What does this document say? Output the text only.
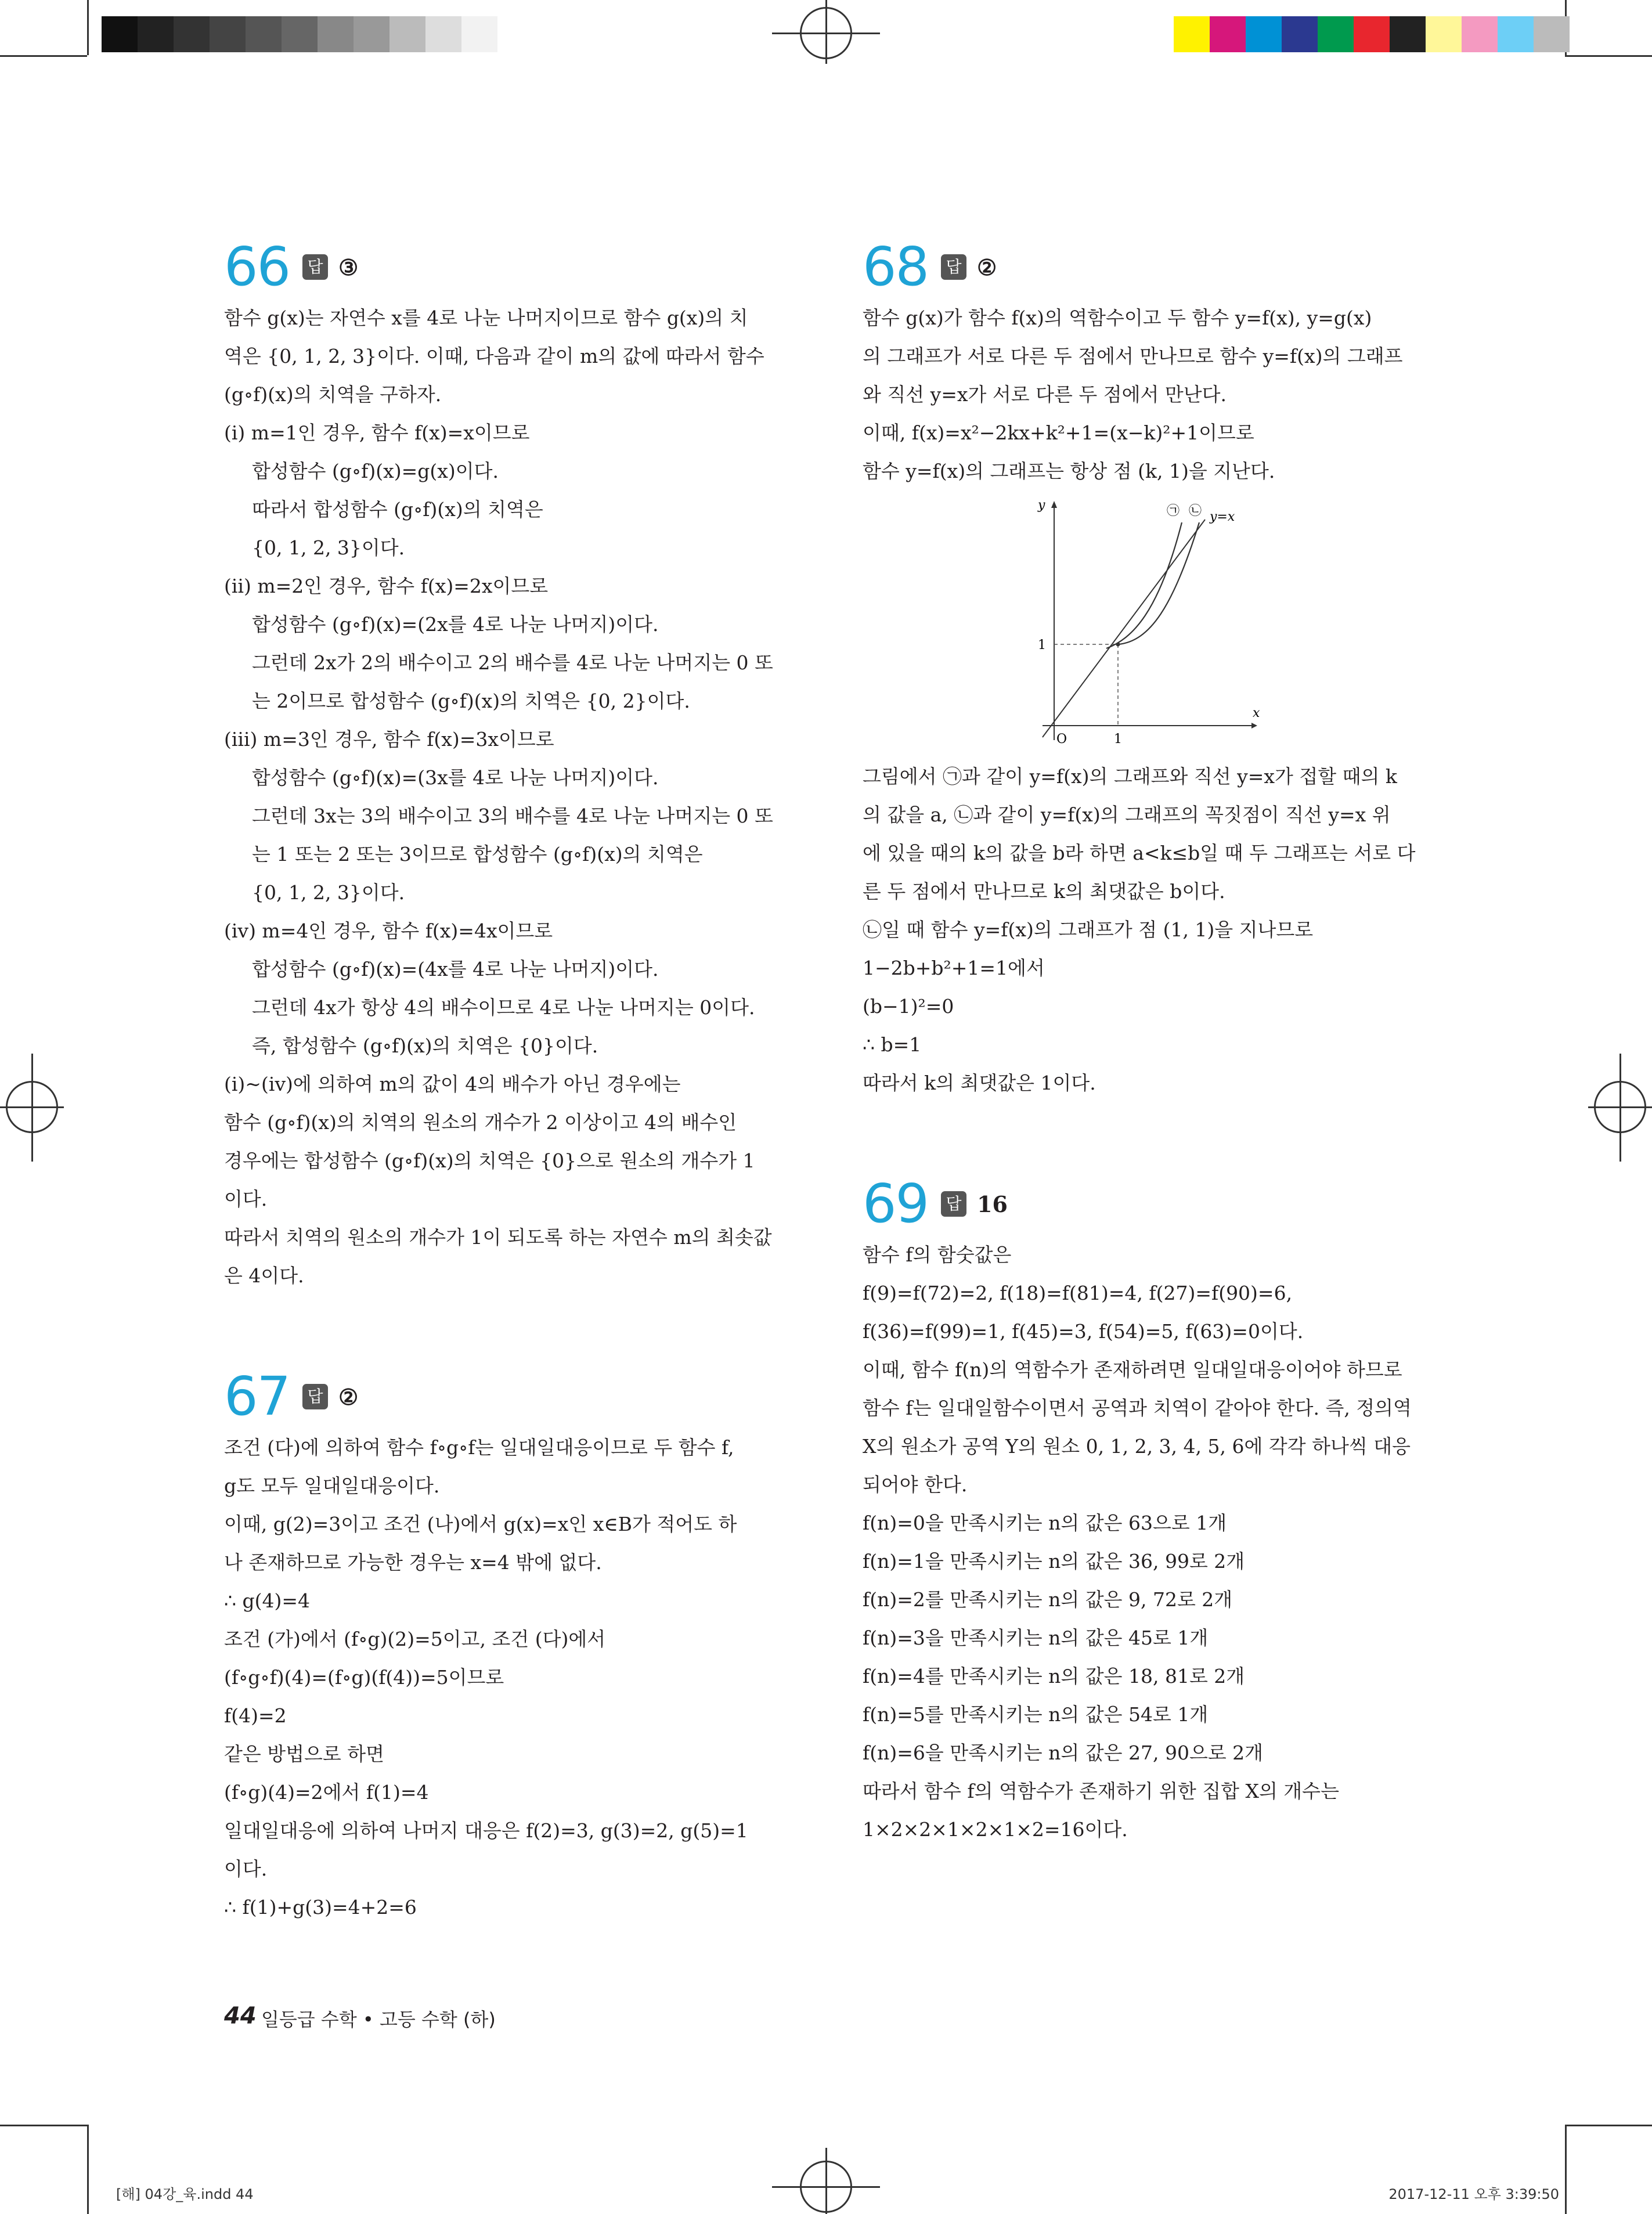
66	답 ③
함수 g(x)는 자연수 x를 4로 나눈 나머지이므로 함수 g(x)의 치
역은 {0, 1, 2, 3}이다. 이때, 다음과 같이 m의 값에 따라서 함수
(g∘f)(x)의 치역을 구하자.
(ⅰ) m=1인 경우, 함수 f(x)=x이므로
합성함수 (g∘f)(x)=g(x)이다.
따라서 합성함수 (g∘f)(x)의 치역은
{0, 1, 2, 3}이다.
(ⅱ) m=2인 경우, 함수 f(x)=2x이므로
합성함수 (g∘f)(x)=(2x를 4로 나눈 나머지)이다.
그런데 2x가 2의 배수이고 2의 배수를 4로 나눈 나머지는 0 또
는 2이므로 합성함수 (g∘f)(x)의 치역은 {0, 2}이다.
(ⅲ) m=3인 경우, 함수 f(x)=3x이므로
합성함수 (g∘f)(x)=(3x를 4로 나눈 나머지)이다.
그런데 3x는 3의 배수이고 3의 배수를 4로 나눈 나머지는 0 또
는 1 또는 2 또는 3이므로 합성함수 (g∘f)(x)의 치역은
{0, 1, 2, 3}이다.
(ⅳ) m=4인 경우, 함수 f(x)=4x이므로
합성함수 (g∘f)(x)=(4x를 4로 나눈 나머지)이다.
그런데 4x가 항상 4의 배수이므로 4로 나눈 나머지는 0이다.
즉, 합성함수 (g∘f)(x)의 치역은 {0}이다.
(ⅰ)~(ⅳ)에 의하여 m의 값이 4의 배수가 아닌 경우에는
함수 (g∘f)(x)의 치역의 원소의 개수가 2 이상이고 4의 배수인
경우에는 합성함수 (g∘f)(x)의 치역은 {0}으로 원소의 개수가 1
이다.
따라서 치역의 원소의 개수가 1이 되도록 하는 자연수 m의 최솟값
은 4이다.
67	답 ②
조건 (다)에 의하여 함수 f∘g∘f는 일대일대응이므로 두 함수 f,
g도 모두 일대일대응이다.
이때, g(2)=3이고 조건 (나)에서 g(x)=x인 x∈B가 적어도 하
나 존재하므로 가능한 경우는 x=4 밖에 없다.
∴ g(4)=4
조건 (가)에서 (f∘g)(2)=5이고, 조건 (다)에서
(f∘g∘f)(4)=(f∘g)(f(4))=5이므로
f(4)=2
같은 방법으로 하면
(f∘g)(4)=2에서 f(1)=4
일대일대응에 의하여 나머지 대응은 f(2)=3, g(3)=2, g(5)=1
이다.
∴ f(1)+g(3)=4+2=6
68	답 ②
함수 g(x)가 함수 f(x)의 역함수이고 두 함수 y=f(x), y=g(x)
의 그래프가 서로 다른 두 점에서 만나므로 함수 y=f(x)의 그래프
와 직선 y=x가 서로 다른 두 점에서 만난다.
이때, f(x)=x²−2kx+k²+1=(x−k)²+1이므로
함수 y=f(x)의 그래프는 항상 점 (k, 1)을 지난다.
y
x
O	1
1
y=x
㉠ ㉡
그림에서 ㉠과 같이 y=f(x)의 그래프와 직선 y=x가 접할 때의 k
의 값을 a, ㉡과 같이 y=f(x)의 그래프의 꼭짓점이 직선 y=x 위
에 있을 때의 k의 값을 b라 하면 a<k≤b일 때 두 그래프는 서로 다
른 두 점에서 만나므로 k의 최댓값은 b이다.
㉡일 때 함수 y=f(x)의 그래프가 점 (1, 1)을 지나므로
1−2b+b²+1=1에서
(b−1)²=0
∴ b=1
따라서 k의 최댓값은 1이다.
69	답 16
함수 f의 함숫값은
f(9)=f(72)=2, f(18)=f(81)=4, f(27)=f(90)=6,
f(36)=f(99)=1, f(45)=3, f(54)=5, f(63)=0이다.
이때, 함수 f(n)의 역함수가 존재하려면 일대일대응이어야 하므로
함수 f는 일대일함수이면서 공역과 치역이 같아야 한다. 즉, 정의역
X의 원소가 공역 Y의 원소 0, 1, 2, 3, 4, 5, 6에 각각 하나씩 대응
되어야 한다.
f(n)=0을 만족시키는 n의 값은 63으로 1개
f(n)=1을 만족시키는 n의 값은 36, 99로 2개
f(n)=2를 만족시키는 n의 값은 9, 72로 2개
f(n)=3을 만족시키는 n의 값은 45로 1개
f(n)=4를 만족시키는 n의 값은 18, 81로 2개
f(n)=5를 만족시키는 n의 값은 54로 1개
f(n)=6을 만족시키는 n의 값은 27, 90으로 2개
따라서 함수 f의 역함수가 존재하기 위한 집합 X의 개수는
1×2×2×1×2×1×2=16이다.
44 일등급 수학 • 고등 수학 (하)
[해] 04강_육.indd 44	2017-12-11 오후 3:39:50
